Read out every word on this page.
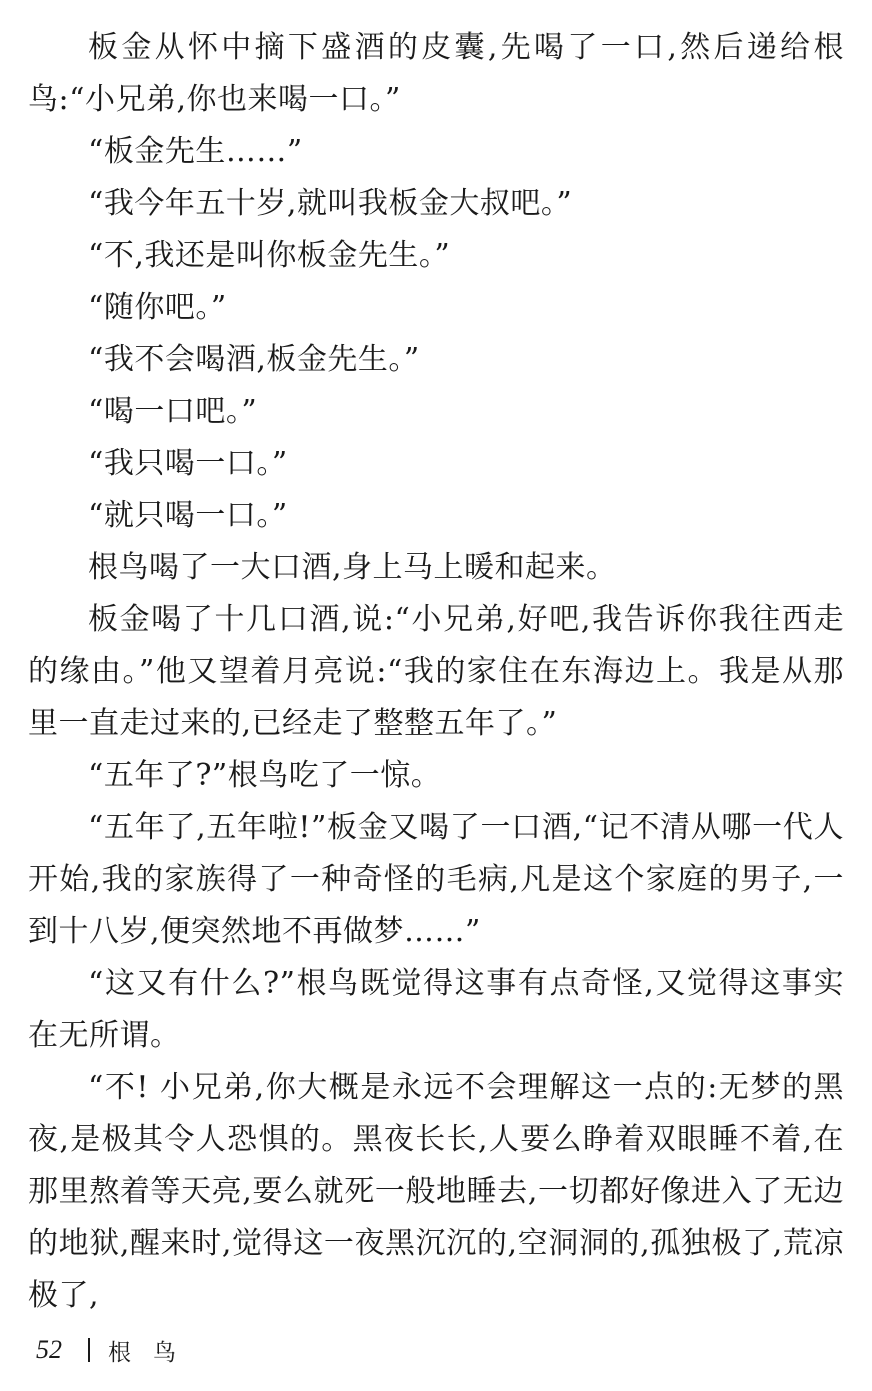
板金从怀中摘下盛酒的皮囊,先喝了一口,然后递给根鸟:“小兄弟,你也来喝一口。”

“板金先生……”

“我今年五十岁,就叫我板金大叔吧。”

“不,我还是叫你板金先生。”

“随你吧。”

“我不会喝酒,板金先生。”

“喝一口吧。”

“我只喝一口。”

“就只喝一口。”

根鸟喝了一大口酒,身上马上暖和起来。

板金喝了十几口酒,说:“小兄弟,好吧,我告诉你我往西走的缘由。”他又望着月亮说:“我的家住在东海边上。我是从那里一直走过来的,已经走了整整五年了。”

“五年了?”根鸟吃了一惊。

“五年了,五年啦!”板金又喝了一口酒,“记不清从哪一代人开始,我的家族得了一种奇怪的毛病,凡是这个家庭的男子,一到十八岁,便突然地不再做梦……”

“这又有什么?”根鸟既觉得这事有点奇怪,又觉得这事实在无所谓。

“不! 小兄弟,你大概是永远不会理解这一点的:无梦的黑夜,是极其令人恐惧的。黑夜长长,人要么睁着双眼睡不着,在那里熬着等天亮,要么就死一般地睡去,一切都好像进入了无边的地狱,醒来时,觉得这一夜黑沉沉的,空洞洞的,孤独极了,荒凉极了,

52 根鸟
